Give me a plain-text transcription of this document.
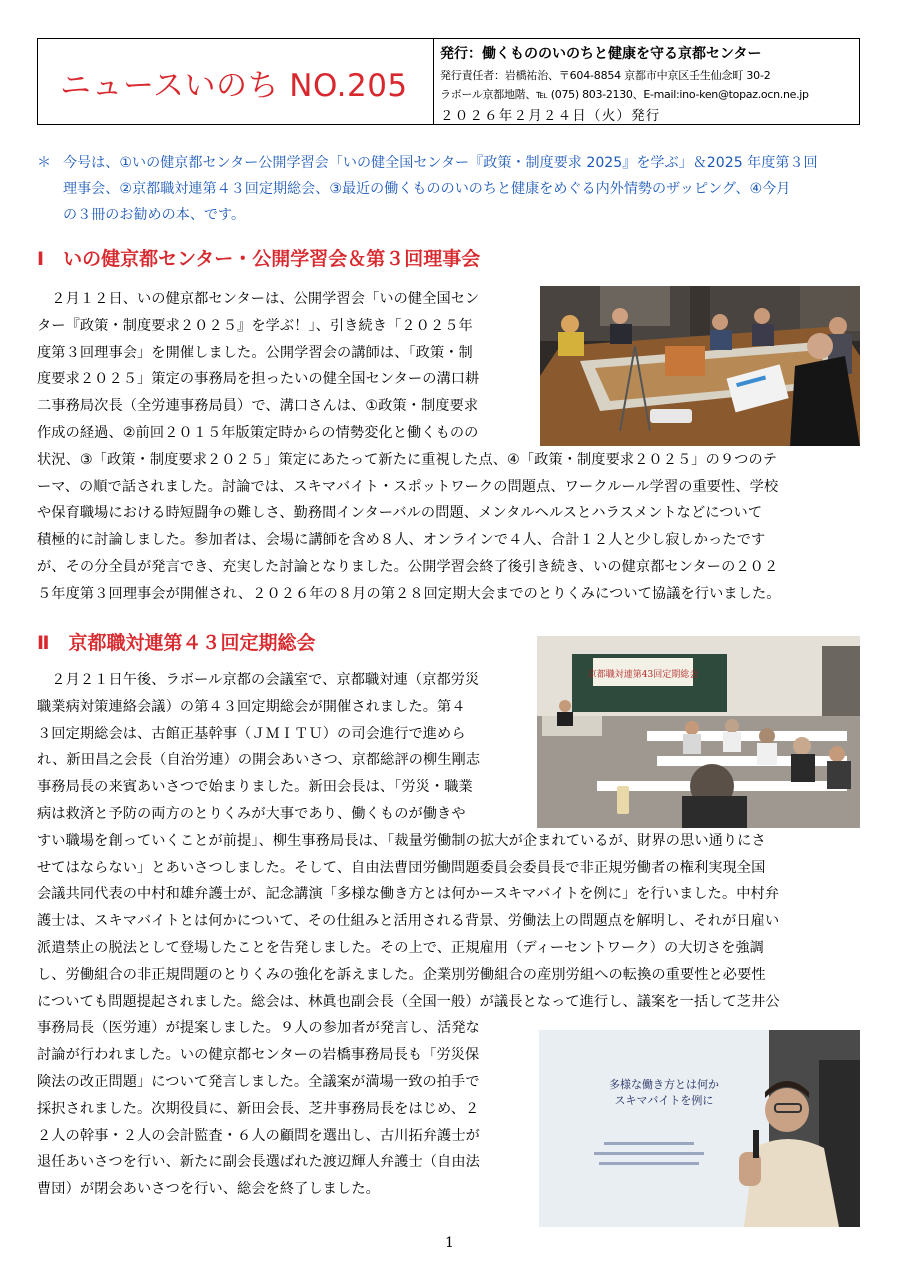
ニュースいのち NO.205
発行：働くもののいのちと健康を守る京都センター
発行責任者：岩橋祐治、〒604-8854 京都市中京区壬生仙念町 30-2
ラボール京都地階、℡ (075) 803-2130、E-mail:ino-ken@topaz.ocn.ne.jp
２０２６年２月２４日（火）発行
＊ 今号は、①いの健京都センター公開学習会「いの健全国センター『政策・制度要求 2025』を学ぶ」＆2025 年度第３回
理事会、②京都職対連第４３回定期総会、③最近の働くもののいのちと健康をめぐる内外情勢のザッピング、④今月
の３冊のお勧めの本、です。
Ⅰ　いの健京都センター・公開学習会＆第３回理事会
　２月１２日、いの健京都センターは、公開学習会「いの健全国セン
ター『政策・制度要求２０２５』を学ぶ！」、引き続き「２０２５年
度第３回理事会」を開催しました。公開学習会の講師は、「政策・制
度要求２０２５」策定の事務局を担ったいの健全国センターの溝口耕
二事務局次長（全労連事務局員）で、溝口さんは、①政策・制度要求
作成の経過、②前回２０１５年版策定時からの情勢変化と働くものの
状況、③「政策・制度要求２０２５」策定にあたって新たに重視した点、④「政策・制度要求２０２５」の９つのテ
ーマ、の順で話されました。討論では、スキマバイト・スポットワークの問題点、ワークルール学習の重要性、学校
や保育職場における時短闘争の難しさ、勤務間インターバルの問題、メンタルヘルスとハラスメントなどについて
積極的に討論しました。参加者は、会場に講師を含め８人、オンラインで４人、合計１２人と少し寂しかったです
が、その分全員が発言でき、充実した討論となりました。公開学習会終了後引き続き、いの健京都センターの２０２
５年度第３回理事会が開催され、２０２６年の８月の第２８回定期大会までのとりくみについて協議を行いました。
Ⅱ　京都職対連第４３回定期総会
京都職対連第43回定期総会
　２月２１日午後、ラボール京都の会議室で、京都職対連（京都労災
職業病対策連絡会議）の第４３回定期総会が開催されました。第４
３回定期総会は、古館正基幹事（ＪＭＩＴＵ）の司会進行で進めら
れ、新田昌之会長（自治労連）の開会あいさつ、京都総評の柳生剛志
事務局長の来賓あいさつで始まりました。新田会長は、「労災・職業
病は救済と予防の両方のとりくみが大事であり、働くものが働きや
すい職場を創っていくことが前提」、柳生事務局長は、「裁量労働制の拡大が企まれているが、財界の思い通りにさ
せてはならない」とあいさつしました。そして、自由法曹団労働問題委員会委員長で非正規労働者の権利実現全国
会議共同代表の中村和雄弁護士が、記念講演「多様な働き方とは何かースキマバイトを例に」を行いました。中村弁
護士は、スキマバイトとは何かについて、その仕組みと活用される背景、労働法上の問題点を解明し、それが日雇い
派遣禁止の脱法として登場したことを告発しました。その上で、正規雇用（ディーセントワーク）の大切さを強調
し、労働組合の非正規問題のとりくみの強化を訴えました。企業別労働組合の産別労組への転換の重要性と必要性
についても問題提起されました。総会は、林眞也副会長（全国一般）が議長となって進行し、議案を一括して芝井公
事務局長（医労連）が提案しました。９人の参加者が発言し、活発な
討論が行われました。いの健京都センターの岩橋事務局長も「労災保
険法の改正問題」について発言しました。全議案が満場一致の拍手で
採択されました。次期役員に、新田会長、芝井事務局長をはじめ、２
２人の幹事・２人の会計監査・６人の顧問を選出し、古川拓弁護士が
退任あいさつを行い、新たに副会長選ばれた渡辺輝人弁護士（自由法
曹団）が閉会あいさつを行い、総会を終了しました。
多様な働き方とは何か
スキマバイトを例に
1
